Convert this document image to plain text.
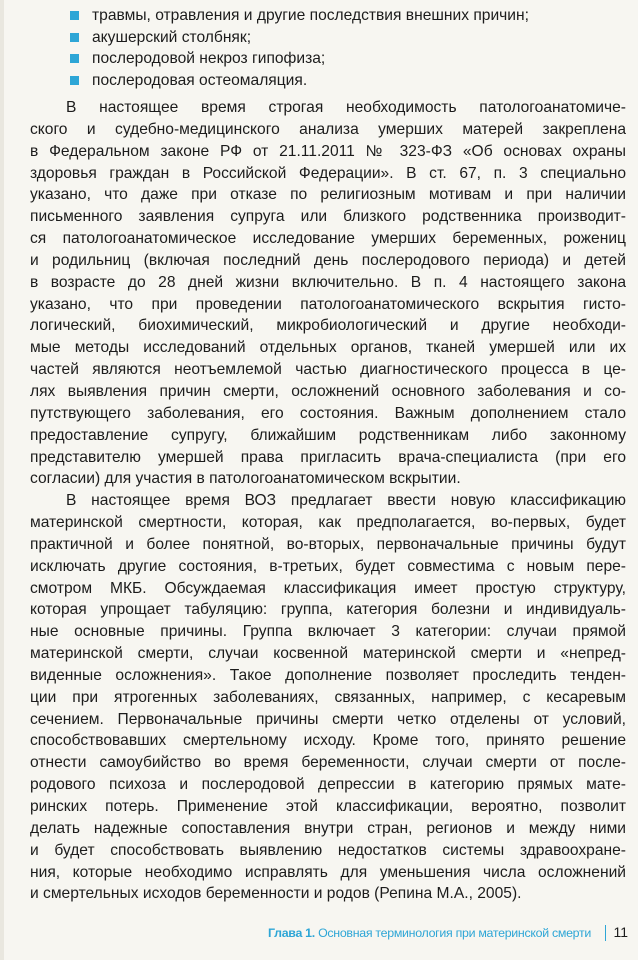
травмы, отравления и другие последствия внешних причин;
акушерский столбняк;
послеродовой некроз гипофиза;
послеродовая остеомаляция.
В настоящее время строгая необходимость патологоанатомиче-
ского и судебно-медицинского анализа умерших матерей закреплена
в Федеральном законе РФ от 21.11.2011 № 323-ФЗ «Об основах охраны
здоровья граждан в Российской Федерации». В ст. 67, п. 3 специально
указано, что даже при отказе по религиозным мотивам и при наличии
письменного заявления супруга или близкого родственника производит-
ся патологоанатомическое исследование умерших беременных, рожениц
и родильниц (включая последний день послеродового периода) и детей
в возрасте до 28 дней жизни включительно. В п. 4 настоящего закона
указано, что при проведении патологоанатомического вскрытия гисто-
логический, биохимический, микробиологический и другие необходи-
мые методы исследований отдельных органов, тканей умершей или их
частей являются неотъемлемой частью диагностического процесса в це-
лях выявления причин смерти, осложнений основного заболевания и со-
путствующего заболевания, его состояния. Важным дополнением стало
предоставление супругу, ближайшим родственникам либо законному
представителю умершей права пригласить врача-специалиста (при его
согласии) для участия в патологоанатомическом вскрытии.
В настоящее время ВОЗ предлагает ввести новую классификацию
материнской смертности, которая, как предполагается, во-первых, будет
практичной и более понятной, во-вторых, первоначальные причины будут
исключать другие состояния, в-третьих, будет совместима с новым пере-
смотром МКБ. Обсуждаемая классификация имеет простую структуру,
которая упрощает табуляцию: группа, категория болезни и индивидуаль-
ные основные причины. Группа включает 3 категории: случаи прямой
материнской смерти, случаи косвенной материнской смерти и «непред-
виденные осложнения». Такое дополнение позволяет проследить тенден-
ции при ятрогенных заболеваниях, связанных, например, с кесаревым
сечением. Первоначальные причины смерти четко отделены от условий,
способствовавших смертельному исходу. Кроме того, принято решение
отнести самоубийство во время беременности, случаи смерти от после-
родового психоза и послеродовой депрессии в категорию прямых мате-
ринских потерь. Применение этой классификации, вероятно, позволит
делать надежные сопоставления внутри стран, регионов и между ними
и будет способствовать выявлению недостатков системы здравоохране-
ния, которые необходимо исправлять для уменьшения числа осложнений
и смертельных исходов беременности и родов (Репина М.А., 2005).
Глава 1. Основная терминология при материнской смерти 11
